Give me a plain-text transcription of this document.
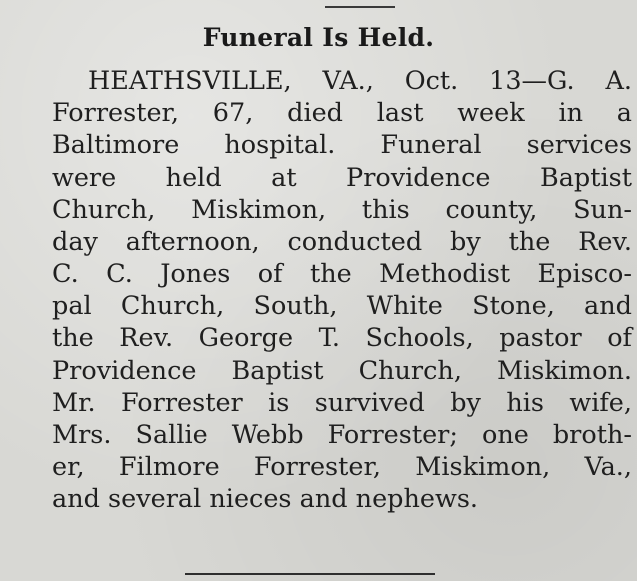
Funeral Is Held.
HEATHSVILLE, VA., Oct. 13—G. A.
Forrester, 67, died last week in a
Baltimore hospital. Funeral services
were held at Providence Baptist
Church, Miskimon, this county, Sun-
day afternoon, conducted by the Rev.
C. C. Jones of the Methodist Episco-
pal Church, South, White Stone, and
the Rev. George T. Schools, pastor of
Providence Baptist Church, Miskimon.
Mr. Forrester is survived by his wife,
Mrs. Sallie Webb Forrester; one broth-
er, Filmore Forrester, Miskimon, Va.,
and several nieces and nephews.
